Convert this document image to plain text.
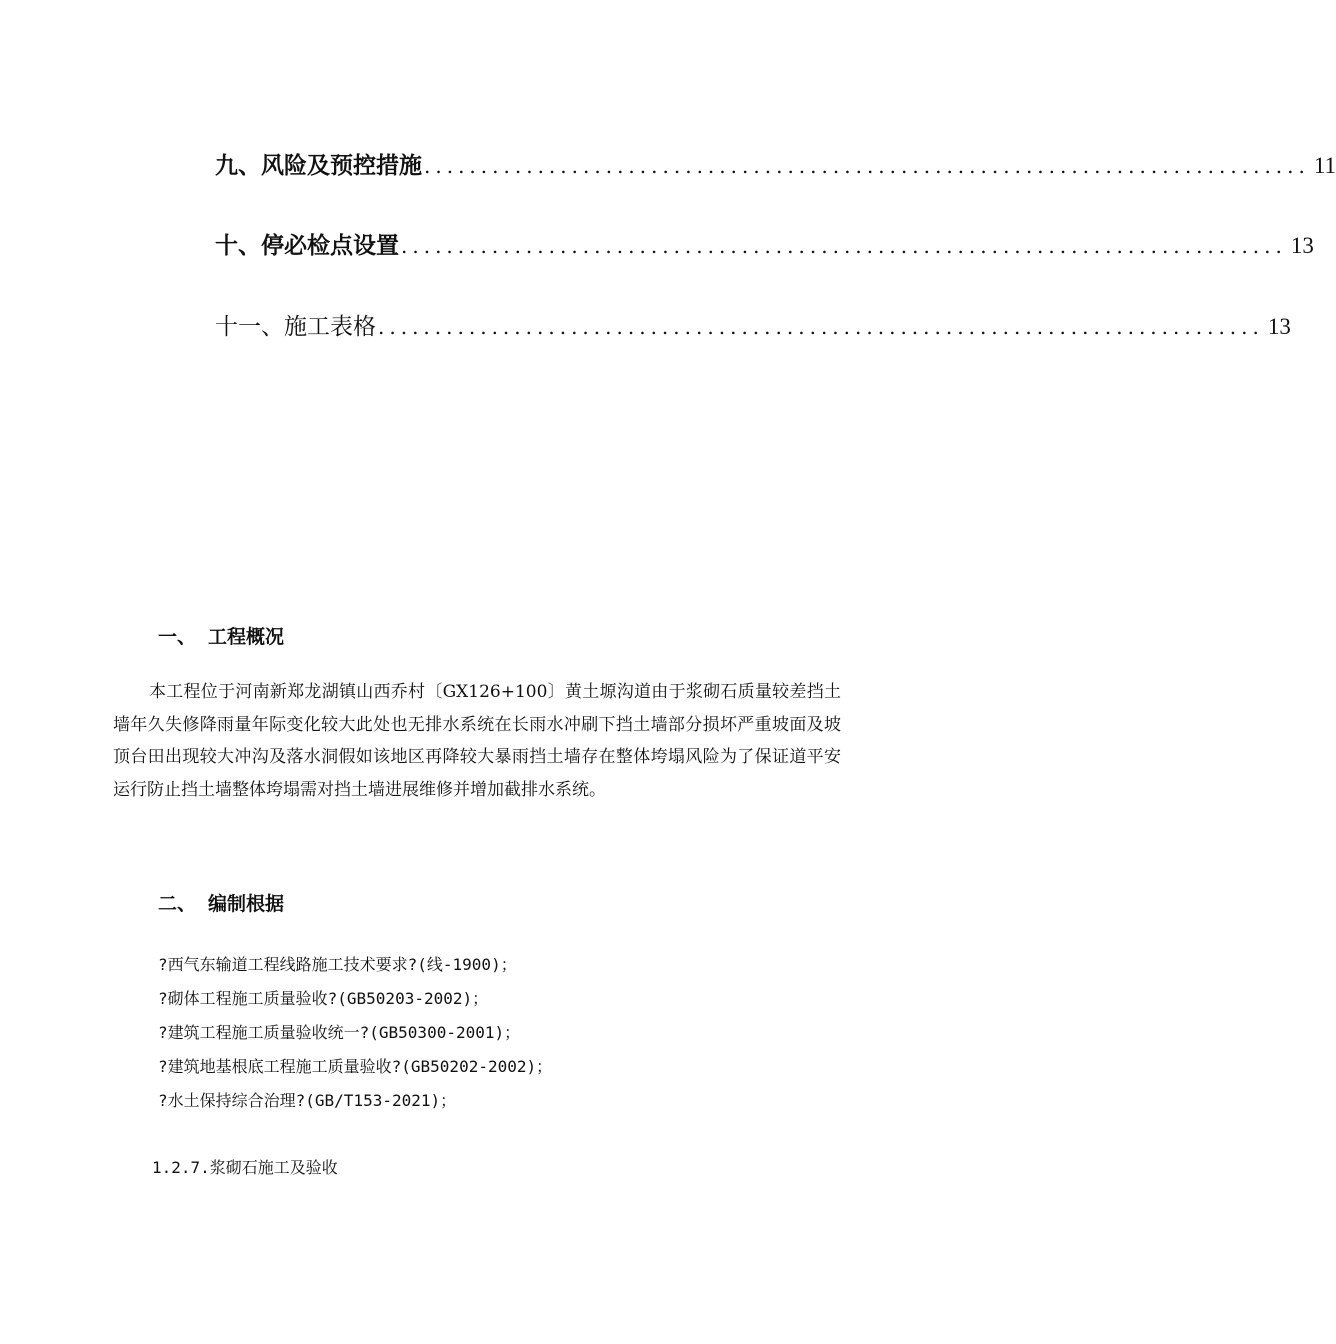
九、风险及预控措施 .............................................................................. 11
十、停必检点设置 .............................................................................. 13
十一、施工表格 .............................................................................. 13
一、 工程概况

本工程位于河南新郑龙湖镇山西乔村〔GX126+100〕黄土塬沟道由于浆砌石质量较差挡土墙年久失修降雨量年际变化较大此处也无排水系统在长雨水冲刷下挡土墙部分损坏严重坡面及坡顶台田出现较大冲沟及落水洞假如该地区再降较大暴雨挡土墙存在整体垮塌风险为了保证道平安运行防止挡土墙整体垮塌需对挡土墙进展维修并增加截排水系统。

二、 编制根据
?西气东输道工程线路施工技术要求?(线-1900)；
?砌体工程施工质量验收?(GB50203-2002)；
?建筑工程施工质量验收统一?(GB50300-2001)；
?建筑地基根底工程施工质量验收?(GB50202-2002)；
?水土保持综合治理?(GB/T153-2021)；
1.2.7.浆砌石施工及验收
